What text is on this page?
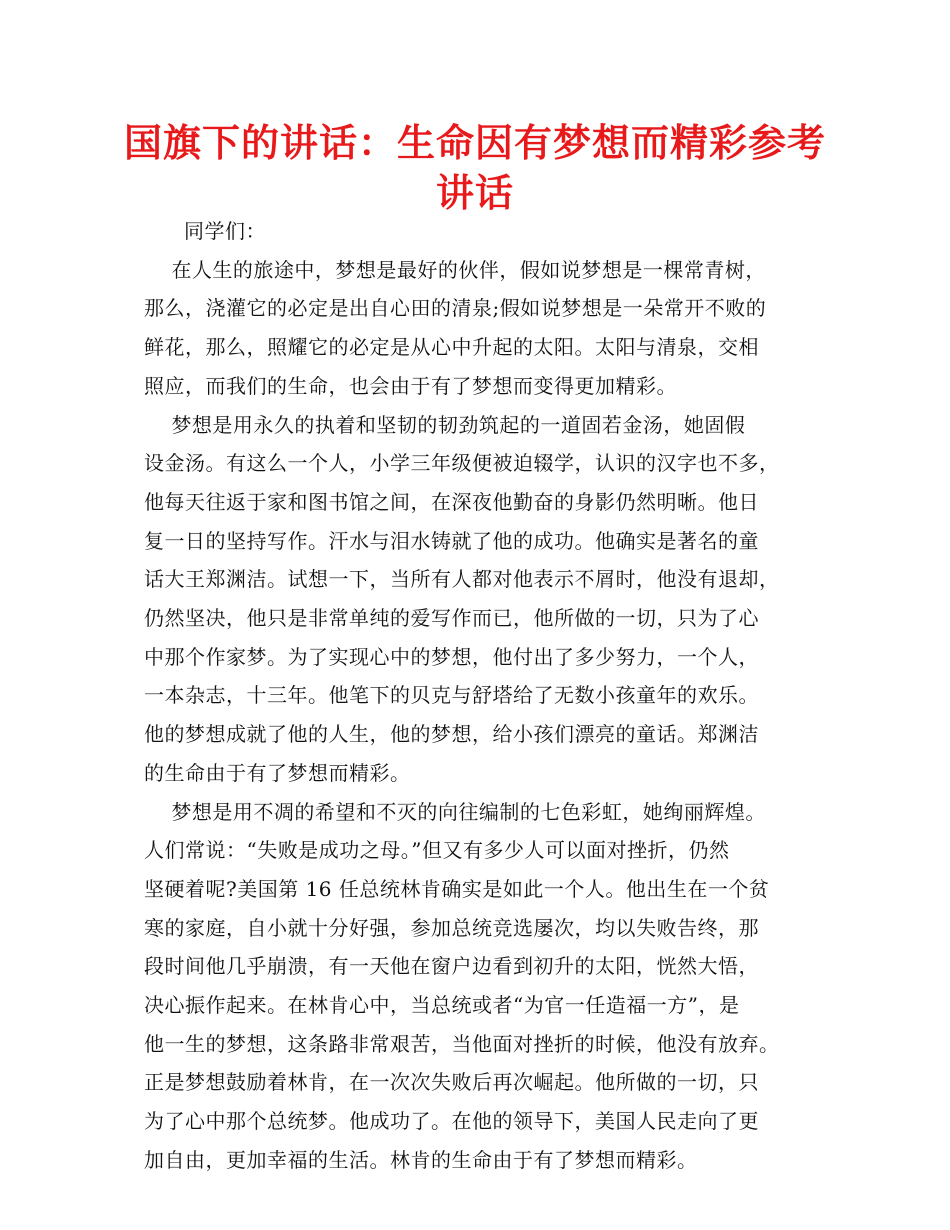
国旗下的讲话：生命因有梦想而精彩参考
讲话

同学们：

在人生的旅途中，梦想是最好的伙伴，假如说梦想是一棵常青树，
那么，浇灌它的必定是出自心田的清泉;假如说梦想是一朵常开不败的
鲜花，那么，照耀它的必定是从心中升起的太阳。太阳与清泉，交相
照应，而我们的生命，也会由于有了梦想而变得更加精彩。

梦想是用永久的执着和坚韧的韧劲筑起的一道固若金汤，她固假
设金汤。有这么一个人，小学三年级便被迫辍学，认识的汉字也不多，
他每天往返于家和图书馆之间，在深夜他勤奋的身影仍然明晰。他日
复一日的坚持写作。汗水与泪水铸就了他的成功。他确实是著名的童
话大王郑渊洁。试想一下，当所有人都对他表示不屑时，他没有退却，
仍然坚决，他只是非常单纯的爱写作而已，他所做的一切，只为了心
中那个作家梦。为了实现心中的梦想，他付出了多少努力，一个人，
一本杂志，十三年。他笔下的贝克与舒塔给了无数小孩童年的欢乐。
他的梦想成就了他的人生，他的梦想，给小孩们漂亮的童话。郑渊洁
的生命由于有了梦想而精彩。

梦想是用不凋的希望和不灭的向往编制的七色彩虹，她绚丽辉煌。
人们常说：“失败是成功之母。”但又有多少人可以面对挫折，仍然
坚硬着呢?美国第 16 任总统林肯确实是如此一个人。他出生在一个贫
寒的家庭，自小就十分好强，参加总统竞选屡次，均以失败告终，那
段时间他几乎崩溃，有一天他在窗户边看到初升的太阳，恍然大悟，
决心振作起来。在林肯心中，当总统或者“为官一任造福一方”，是
他一生的梦想，这条路非常艰苦，当他面对挫折的时候，他没有放弃。
正是梦想鼓励着林肯，在一次次失败后再次崛起。他所做的一切，只
为了心中那个总统梦。他成功了。在他的领导下，美国人民走向了更
加自由，更加幸福的生活。林肯的生命由于有了梦想而精彩。
